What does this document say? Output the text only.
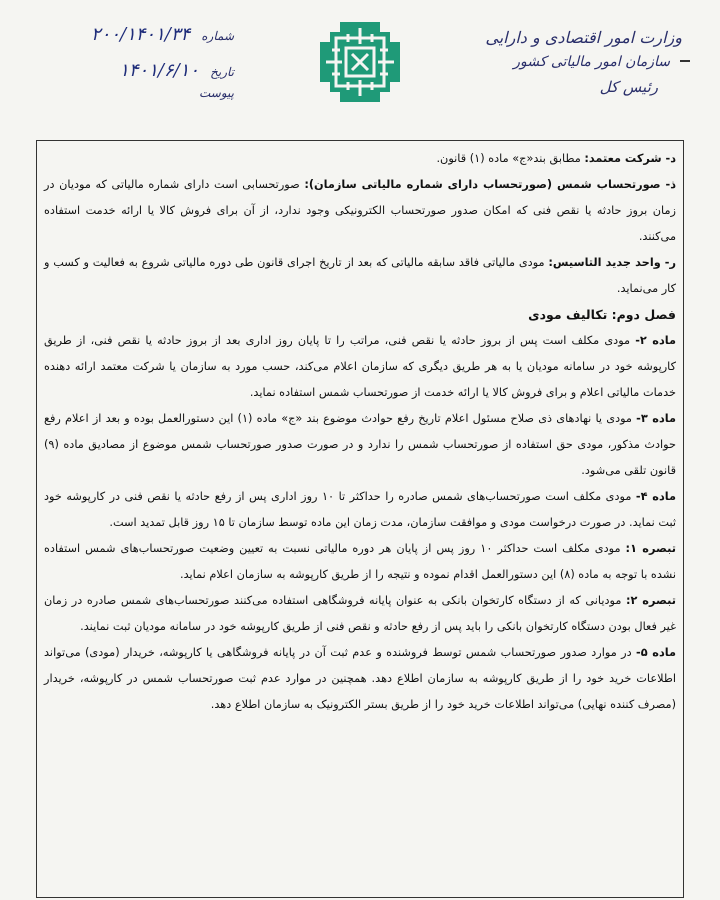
وزارت امور اقتصادی و دارایی
سازمان امور مالیاتی کشور
رئیس کل
شماره ۲۰۰/۱۴۰۱/۳۴
تاریخ ۱۴۰۱/۶/۱۰
پیوست

د- شرکت معتمد: مطابق بند«ج» ماده (۱) قانون.

ذ- صورتحساب شمس (صورتحساب دارای شماره مالیاتی سازمان): صورتحسابی است دارای شماره مالیاتی که مودیان در زمان بروز حادثه یا نقص فنی که امکان صدور صورتحساب الکترونیکی وجود ندارد، از آن برای فروش کالا یا ارائه خدمت استفاده می‌کنند.

ر- واحد جدید التاسیس: مودی مالیاتی فاقد سابقه مالیاتی که بعد از تاریخ اجرای قانون طی دوره مالیاتی شروع به فعالیت و کسب و کار می‌نماید.

فصل دوم: تکالیف مودی

ماده ۲- مودی مکلف است پس از بروز حادثه یا نقص فنی، مراتب را تا پایان روز اداری بعد از بروز حادثه یا نقص فنی، از طریق کارپوشه خود در سامانه مودیان یا به هر طریق دیگری که سازمان اعلام می‌کند، حسب مورد به سازمان یا شرکت معتمد ارائه دهنده خدمات مالیاتی اعلام و برای فروش کالا یا ارائه خدمت از صورتحساب شمس استفاده نماید.

ماده ۳- مودی یا نهادهای ذی صلاح مسئول اعلام تاریخ رفع حوادث موضوع بند «ج» ماده (۱) این دستورالعمل بوده و بعد از اعلام رفع حوادث مذکور، مودی حق استفاده از صورتحساب شمس را ندارد و در صورت صدور صورتحساب شمس موضوع از مصادیق ماده (۹) قانون تلقی می‌شود.

ماده ۴- مودی مکلف است صورتحساب‌های شمس صادره را حداکثر تا ۱۰ روز اداری پس از رفع حادثه یا نقص فنی در کارپوشه خود ثبت نماید. در صورت درخواست مودی و موافقت سازمان، مدت زمان این ماده توسط سازمان تا ۱۵ روز قابل تمدید است.

تبصره ۱: مودی مکلف است حداکثر ۱۰ روز پس از پایان هر دوره مالیاتی نسبت به تعیین وضعیت صورتحساب‌های شمس استفاده نشده با توجه به ماده (۸) این دستورالعمل اقدام نموده و نتیجه را از طریق کارپوشه به سازمان اعلام نماید.

تبصره ۲: مودیانی که از دستگاه کارتخوان بانکی به عنوان پایانه فروشگاهی استفاده می‌کنند صورتحساب‌های شمس صادره در زمان غیر فعال بودن دستگاه کارتخوان بانکی را باید پس از رفع حادثه و نقص فنی از طریق کارپوشه خود در سامانه مودیان ثبت نمایند.

ماده ۵- در موارد صدور صورتحساب شمس توسط فروشنده و عدم ثبت آن در پایانه فروشگاهی یا کارپوشه، خریدار (مودی) می‌تواند اطلاعات خرید خود را از طریق کارپوشه به سازمان اطلاع دهد. همچنین در موارد عدم ثبت صورتحساب شمس در کارپوشه، خریدار (مصرف کننده نهایی) می‌تواند اطلاعات خرید خود را از طریق بستر الکترونیک به سازمان اطلاع دهد.
